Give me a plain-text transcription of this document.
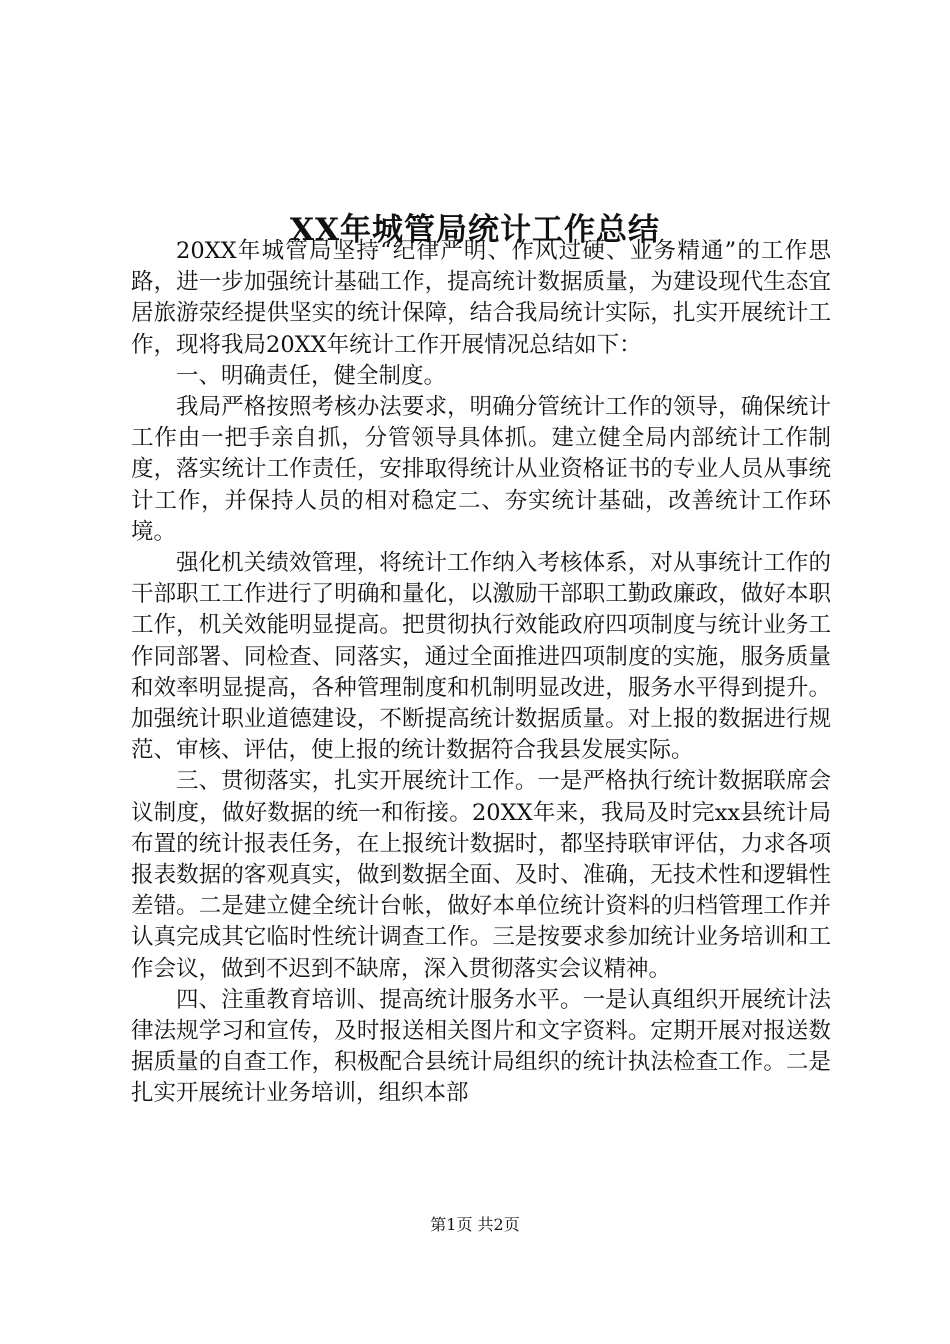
XX年城管局统计工作总结

20XX年城管局坚持“纪律严明、作风过硬、业务精通”的工作思路，进一步加强统计基础工作，提高统计数据质量，为建设现代生态宜居旅游荥经提供坚实的统计保障，结合我局统计实际，扎实开展统计工作，现将我局20XX年统计工作开展情况总结如下：

一、明确责任，健全制度。

我局严格按照考核办法要求，明确分管统计工作的领导，确保统计工作由一把手亲自抓，分管领导具体抓。建立健全局内部统计工作制度，落实统计工作责任，安排取得统计从业资格证书的专业人员从事统计工作，并保持人员的相对稳定二、夯实统计基础，改善统计工作环境。

强化机关绩效管理，将统计工作纳入考核体系，对从事统计工作的干部职工工作进行了明确和量化，以激励干部职工勤政廉政，做好本职工作，机关效能明显提高。把贯彻执行效能政府四项制度与统计业务工作同部署、同检查、同落实，通过全面推进四项制度的实施，服务质量和效率明显提高，各种管理制度和机制明显改进，服务水平得到提升。加强统计职业道德建设，不断提高统计数据质量。对上报的数据进行规范、审核、评估，使上报的统计数据符合我县发展实际。

三、贯彻落实，扎实开展统计工作。一是严格执行统计数据联席会议制度，做好数据的统一和衔接。20XX年来，我局及时完xx县统计局布置的统计报表任务，在上报统计数据时，都坚持联审评估，力求各项报表数据的客观真实，做到数据全面、及时、准确，无技术性和逻辑性差错。二是建立健全统计台帐，做好本单位统计资料的归档管理工作并认真完成其它临时性统计调查工作。三是按要求参加统计业务培训和工作会议，做到不迟到不缺席，深入贯彻落实会议精神。

四、注重教育培训、提高统计服务水平。一是认真组织开展统计法律法规学习和宣传，及时报送相关图片和文字资料。定期开展对报送数据质量的自查工作，积极配合县统计局组织的统计执法检查工作。二是扎实开展统计业务培训，组织本部

第1页 共2页
